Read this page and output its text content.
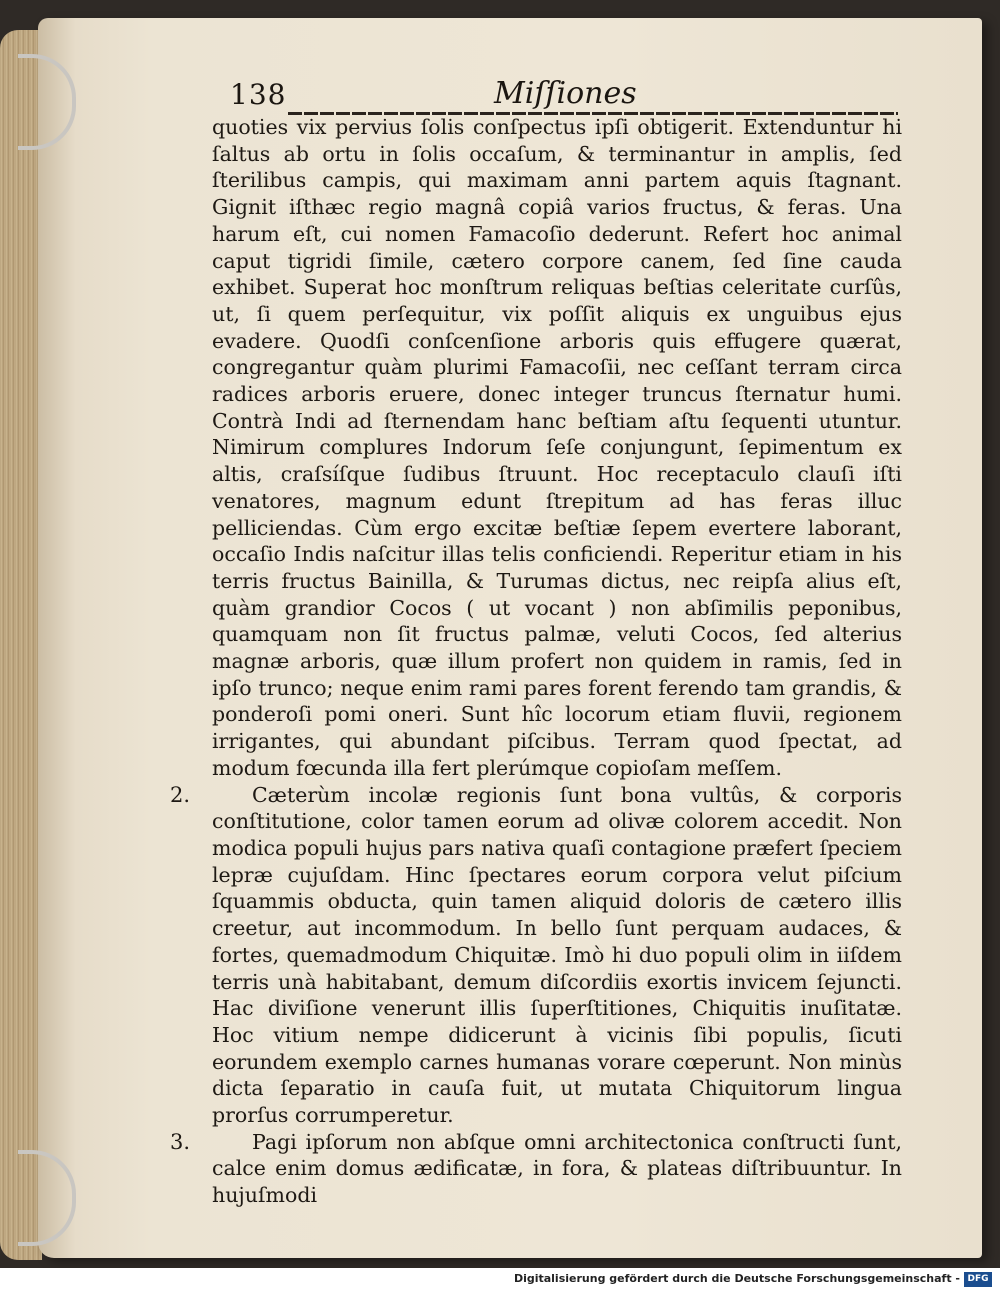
138	Miſſiones

quoties vix pervius ſolis conſpectus ipſi obtigerit. Extenduntur hi ſaltus ab ortu in ſolis occaſum, & terminantur in amplis, ſed ſterilibus campis, qui maximam anni partem aquis ſtagnant. Gignit iſthæc regio magnâ copiâ varios fructus, & feras. Una harum eſt, cui nomen Famacoſio dederunt. Refert hoc animal caput tigridi ſimile, cætero corpore canem, ſed ſine cauda exhibet. Superat hoc monſtrum reliquas beſtias celeritate curſûs, ut, ſi quem perſequitur, vix poſſit aliquis ex unguibus ejus evadere. Quodſi conſcenſione arboris quis effugere quærat, congregantur quàm plurimi Famacoſii, nec ceſſant terram circa radices arboris eruere, donec integer truncus ſternatur humi. Contrà Indi ad ſternendam hanc beſtiam aſtu ſequenti utuntur. Nimirum complures Indorum ſeſe conjungunt, ſepimentum ex altis, craſsíſque ſudibus ſtruunt. Hoc receptaculo clauſi iſti venatores, magnum edunt ſtrepitum ad has feras illuc pelliciendas. Cùm ergo excitæ beſtiæ ſepem evertere laborant, occaſio Indis naſcitur illas telis conficiendi. Reperitur etiam in his terris fructus Bainilla, & Turumas dictus, nec reipſa alius eſt, quàm grandior Cocos ( ut vocant ) non abſimilis peponibus, quamquam non ſit fructus palmæ, veluti Cocos, ſed alterius magnæ arboris, quæ illum profert non quidem in ramis, ſed in ipſo trunco; neque enim rami pares forent ferendo tam grandis, & ponderoſi pomi oneri. Sunt hîc locorum etiam fluvii, regionem irrigantes, qui abundant piſcibus. Terram quod ſpectat, ad modum fœcunda illa fert plerúmque copioſam meſſem.

2.	Cæterùm incolæ regionis ſunt bona vultûs, & corporis conſtitutione, color tamen eorum ad olivæ colorem accedit. Non modica populi hujus pars nativa quaſi contagione præfert ſpeciem lepræ cujuſdam. Hinc ſpectares eorum corpora velut piſcium ſquammis obducta, quin tamen aliquid doloris de cætero illis creetur, aut incommodum. In bello ſunt perquam audaces, & fortes, quemadmodum Chiquitæ. Imò hi duo populi olim in iiſdem terris unà habitabant, demum diſcordiis exortis invicem ſejuncti. Hac diviſione venerunt illis ſuperſtitiones, Chiquitis inuſitatæ. Hoc vitium nempe didicerunt à vicinis ſibi populis, ſicuti eorundem exemplo carnes humanas vorare cœperunt. Non minùs dicta ſeparatio in cauſa fuit, ut mutata Chiquitorum lingua prorſus corrumperetur.

3.	Pagi ipſorum non abſque omni architectonica conſtructi ſunt, calce enim domus ædificatæ, in fora, & plateas diſtribuuntur. In hujuſmodi

Digitalisierung gefördert durch die Deutsche Forschungsgemeinschaft - DFG
